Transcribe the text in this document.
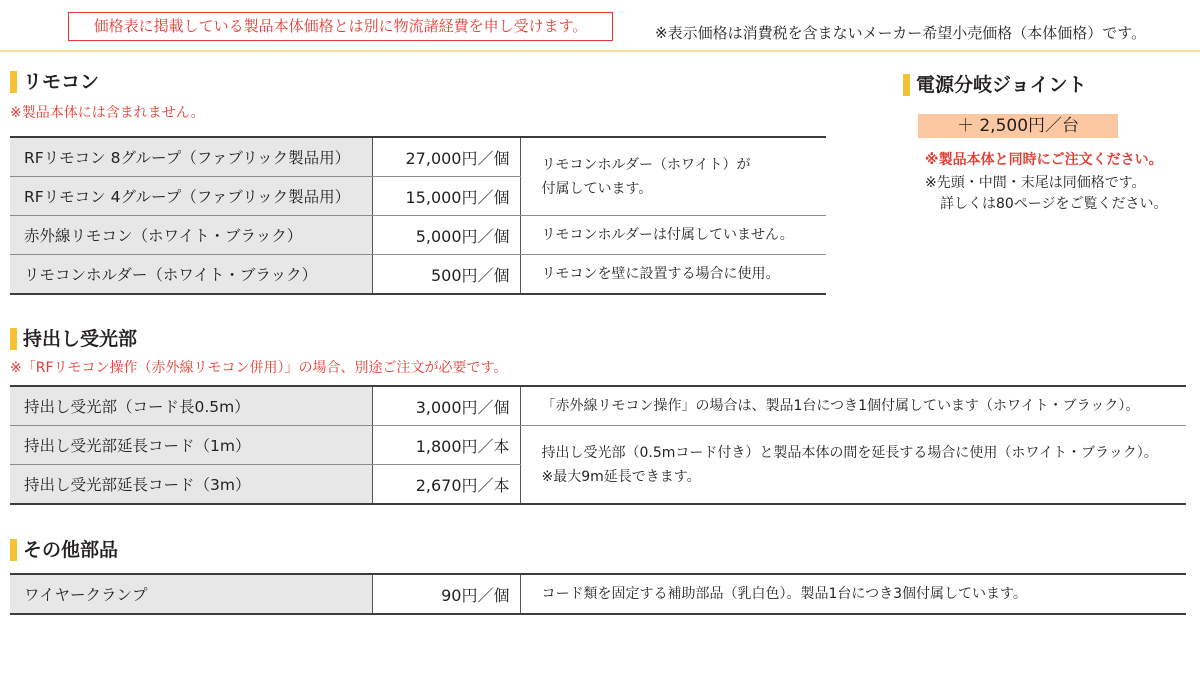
価格表に掲載している製品本体価格とは別に物流諸経費を申し受けます。	※表示価格は消費税を含まないメーカー希望小売価格（本体価格）です。
リモコン
※製品本体には含まれません。
RFリモコン 8グループ（ファブリック製品用）	27,000円／個	リモコンホルダー（ホワイト）が
付属しています。

RFリモコン 4グループ（ファブリック製品用）	15,000円／個	
赤外線リモコン（ホワイト・ブラック）	5,000円／個	リモコンホルダーは付属していません。

リモコンホルダー（ホワイト・ブラック）	500円／個	リモコンを壁に設置する場合に使用。
電源分岐ジョイント
＋ 2,500円／台
※製品本体と同時にご注文ください。
※先頭・中間・末尾は同価格です。
詳しくは80ページをご覧ください。
持出し受光部
※「RFリモコン操作（赤外線リモコン併用）」の場合、別途ご注文が必要です。
持出し受光部（コード長0.5m）	3,000円／個	「赤外線リモコン操作」の場合は、製品1台につき1個付属しています（ホワイト・ブラック）。

持出し受光部延長コード（1m）	1,800円／本	持出し受光部（0.5mコード付き）と製品本体の間を延長する場合に使用（ホワイト・ブラック）。
※最大9m延長できます。

持出し受光部延長コード（3m）	2,670円／本	
その他部品
ワイヤークランプ	90円／個	コード類を固定する補助部品（乳白色）。製品1台につき3個付属しています。
